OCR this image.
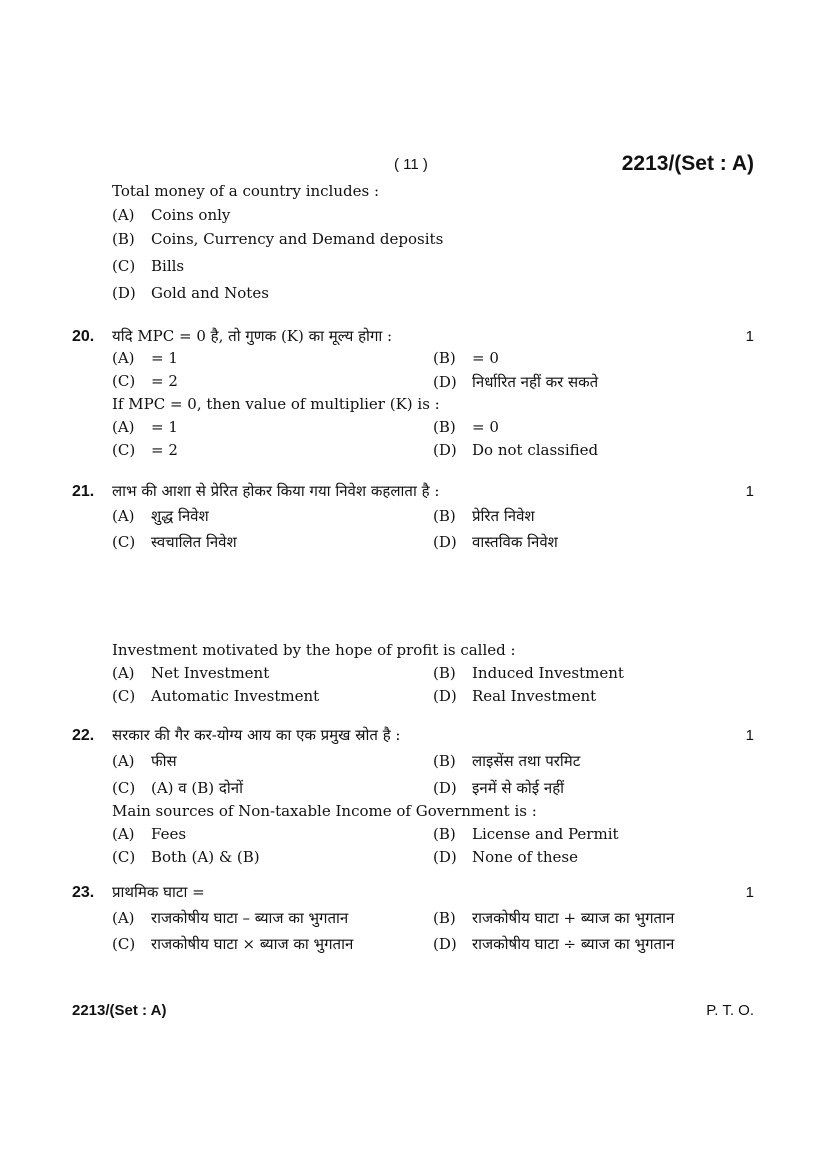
( 11 )	2213/(Set : A)
Total money of a country includes :
(A)	Coins only
(B)	Coins, Currency and Demand deposits
(C)	Bills
(D)	Gold and Notes
20.	यदि MPC = 0 है, तो गुणक (K) का मूल्य होगा :	1
(A)	= 1	(B)	= 0
(C)	= 2	(D)	निर्धारित नहीं कर सकते
If MPC = 0, then value of multiplier (K) is :
(A)	= 1	(B)	= 0
(C)	= 2	(D)	Do not classified
21.	लाभ की आशा से प्रेरित होकर किया गया निवेश कहलाता है :	1
(A)	शुद्ध निवेश	(B)	प्रेरित निवेश
(C)	स्वचालित निवेश	(D)	वास्तविक निवेश
Investment motivated by the hope of profit is called :
(A)	Net Investment	(B)	Induced Investment
(C)	Automatic Investment	(D)	Real Investment
22.	सरकार की गैर कर-योग्य आय का एक प्रमुख स्रोत है :	1
(A)	फीस	(B)	लाइसेंस तथा परमिट
(C)	(A) व (B) दोनों	(D)	इनमें से कोई नहीं
Main sources of Non-taxable Income of Government is :
(A)	Fees	(B)	License and Permit
(C)	Both (A) & (B)	(D)	None of these
23.	प्राथमिक घाटा =	1
(A)	राजकोषीय घाटा – ब्याज का भुगतान	(B)	राजकोषीय घाटा + ब्याज का भुगतान
(C)	राजकोषीय घाटा × ब्याज का भुगतान	(D)	राजकोषीय घाटा ÷ ब्याज का भुगतान
2213/(Set : A)	P. T. O.
